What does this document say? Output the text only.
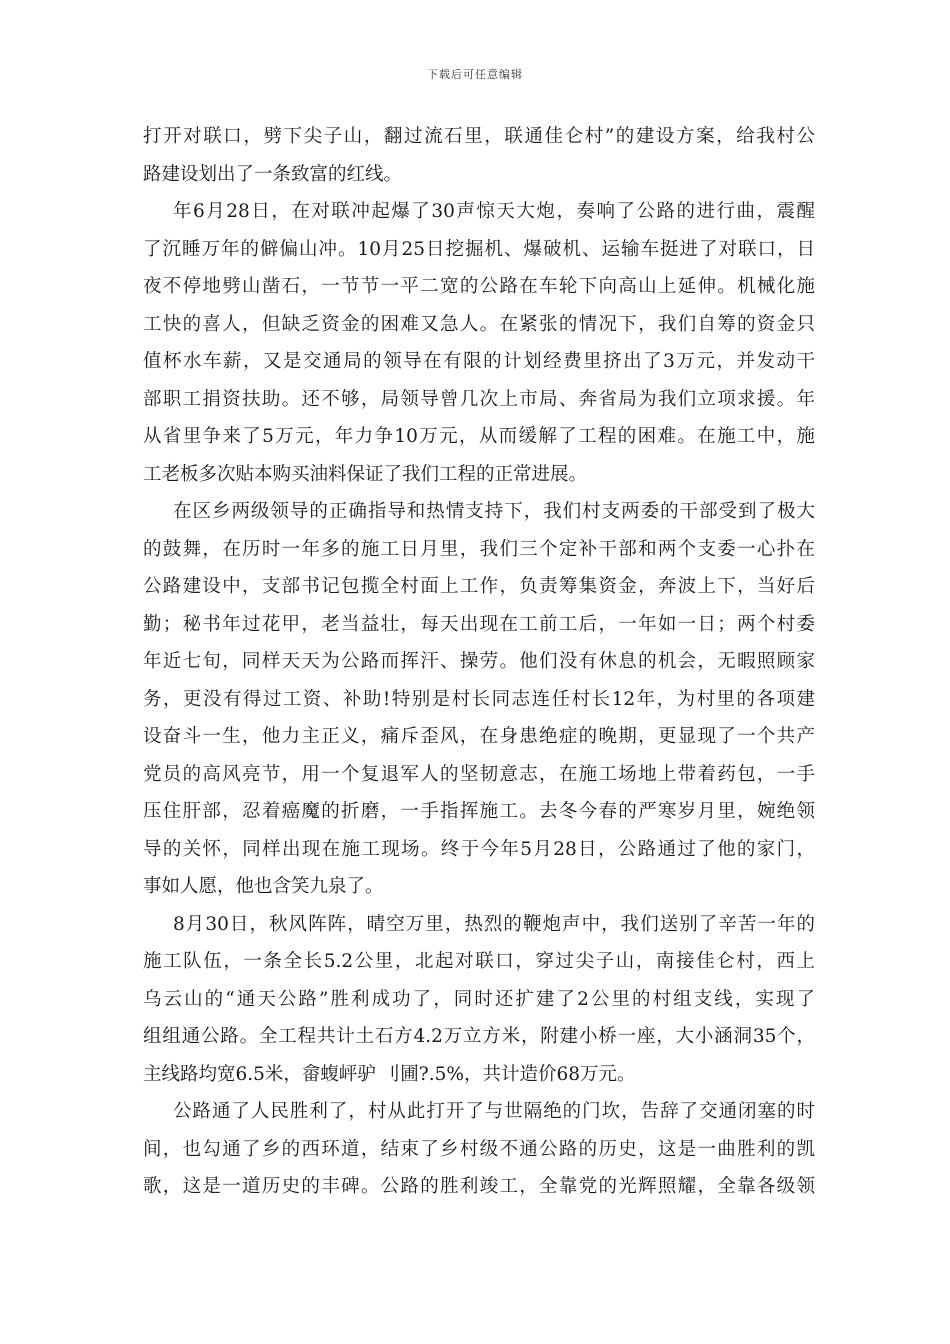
下载后可任意编辑
打开对联口，劈下尖子山，翻过流石里，联通佳仑村”的建设方案，给我村公
路建设划出了一条致富的红线。
年6月28日，在对联冲起爆了30声惊天大炮，奏响了公路的进行曲，震醒
了沉睡万年的僻偏山冲。10月25日挖掘机、爆破机、运输车挺进了对联口，日
夜不停地劈山凿石，一节节一平二宽的公路在车轮下向高山上延伸。机械化施
工快的喜人，但缺乏资金的困难又急人。在紧张的情况下，我们自筹的资金只
值杯水车薪，又是交通局的领导在有限的计划经费里挤出了3万元，并发动干
部职工捐资扶助。还不够，局领导曾几次上市局、奔省局为我们立项求援。年
从省里争来了5万元，年力争10万元，从而缓解了工程的困难。在施工中，施
工老板多次贴本购买油料保证了我们工程的正常进展。
在区乡两级领导的正确指导和热情支持下，我们村支两委的干部受到了极大
的鼓舞，在历时一年多的施工日月里，我们三个定补干部和两个支委一心扑在
公路建设中，支部书记包揽全村面上工作，负责筹集资金，奔波上下，当好后
勤；秘书年过花甲，老当益壮，每天出现在工前工后，一年如一日；两个村委
年近七旬，同样天天为公路而挥汗、操劳。他们没有休息的机会，无暇照顾家
务，更没有得过工资、补助!特别是村长同志连任村长12年，为村里的各项建
设奋斗一生，他力主正义，痛斥歪风，在身患绝症的晚期，更显现了一个共产
党员的高风亮节，用一个复退军人的坚韧意志，在施工场地上带着药包，一手
压住肝部，忍着癌魔的折磨，一手指挥施工。去冬今春的严寒岁月里，婉绝领
导的关怀，同样出现在施工现场。终于今年5月28日，公路通过了他的家门，
事如人愿，他也含笑九泉了。
8月30日，秋风阵阵，晴空万里，热烈的鞭炮声中，我们送别了辛苦一年的
施工队伍，一条全长5.2公里，北起对联口，穿过尖子山，南接佳仑村，西上
乌云山的“通天公路”胜利成功了，同时还扩建了2公里的村组支线，实现了
组组通公路。全工程共计土石方4.2万立方米，附建小桥一座，大小涵洞35个，
主线路均宽6.5米，畲蝮岼驴 刂圃?.5%，共计造价68万元。
公路通了人民胜利了，村从此打开了与世隔绝的门坎，告辞了交通闭塞的时
间，也勾通了乡的西环道，结束了乡村级不通公路的历史，这是一曲胜利的凯
歌，这是一道历史的丰碑。公路的胜利竣工，全靠党的光辉照耀，全靠各级领
